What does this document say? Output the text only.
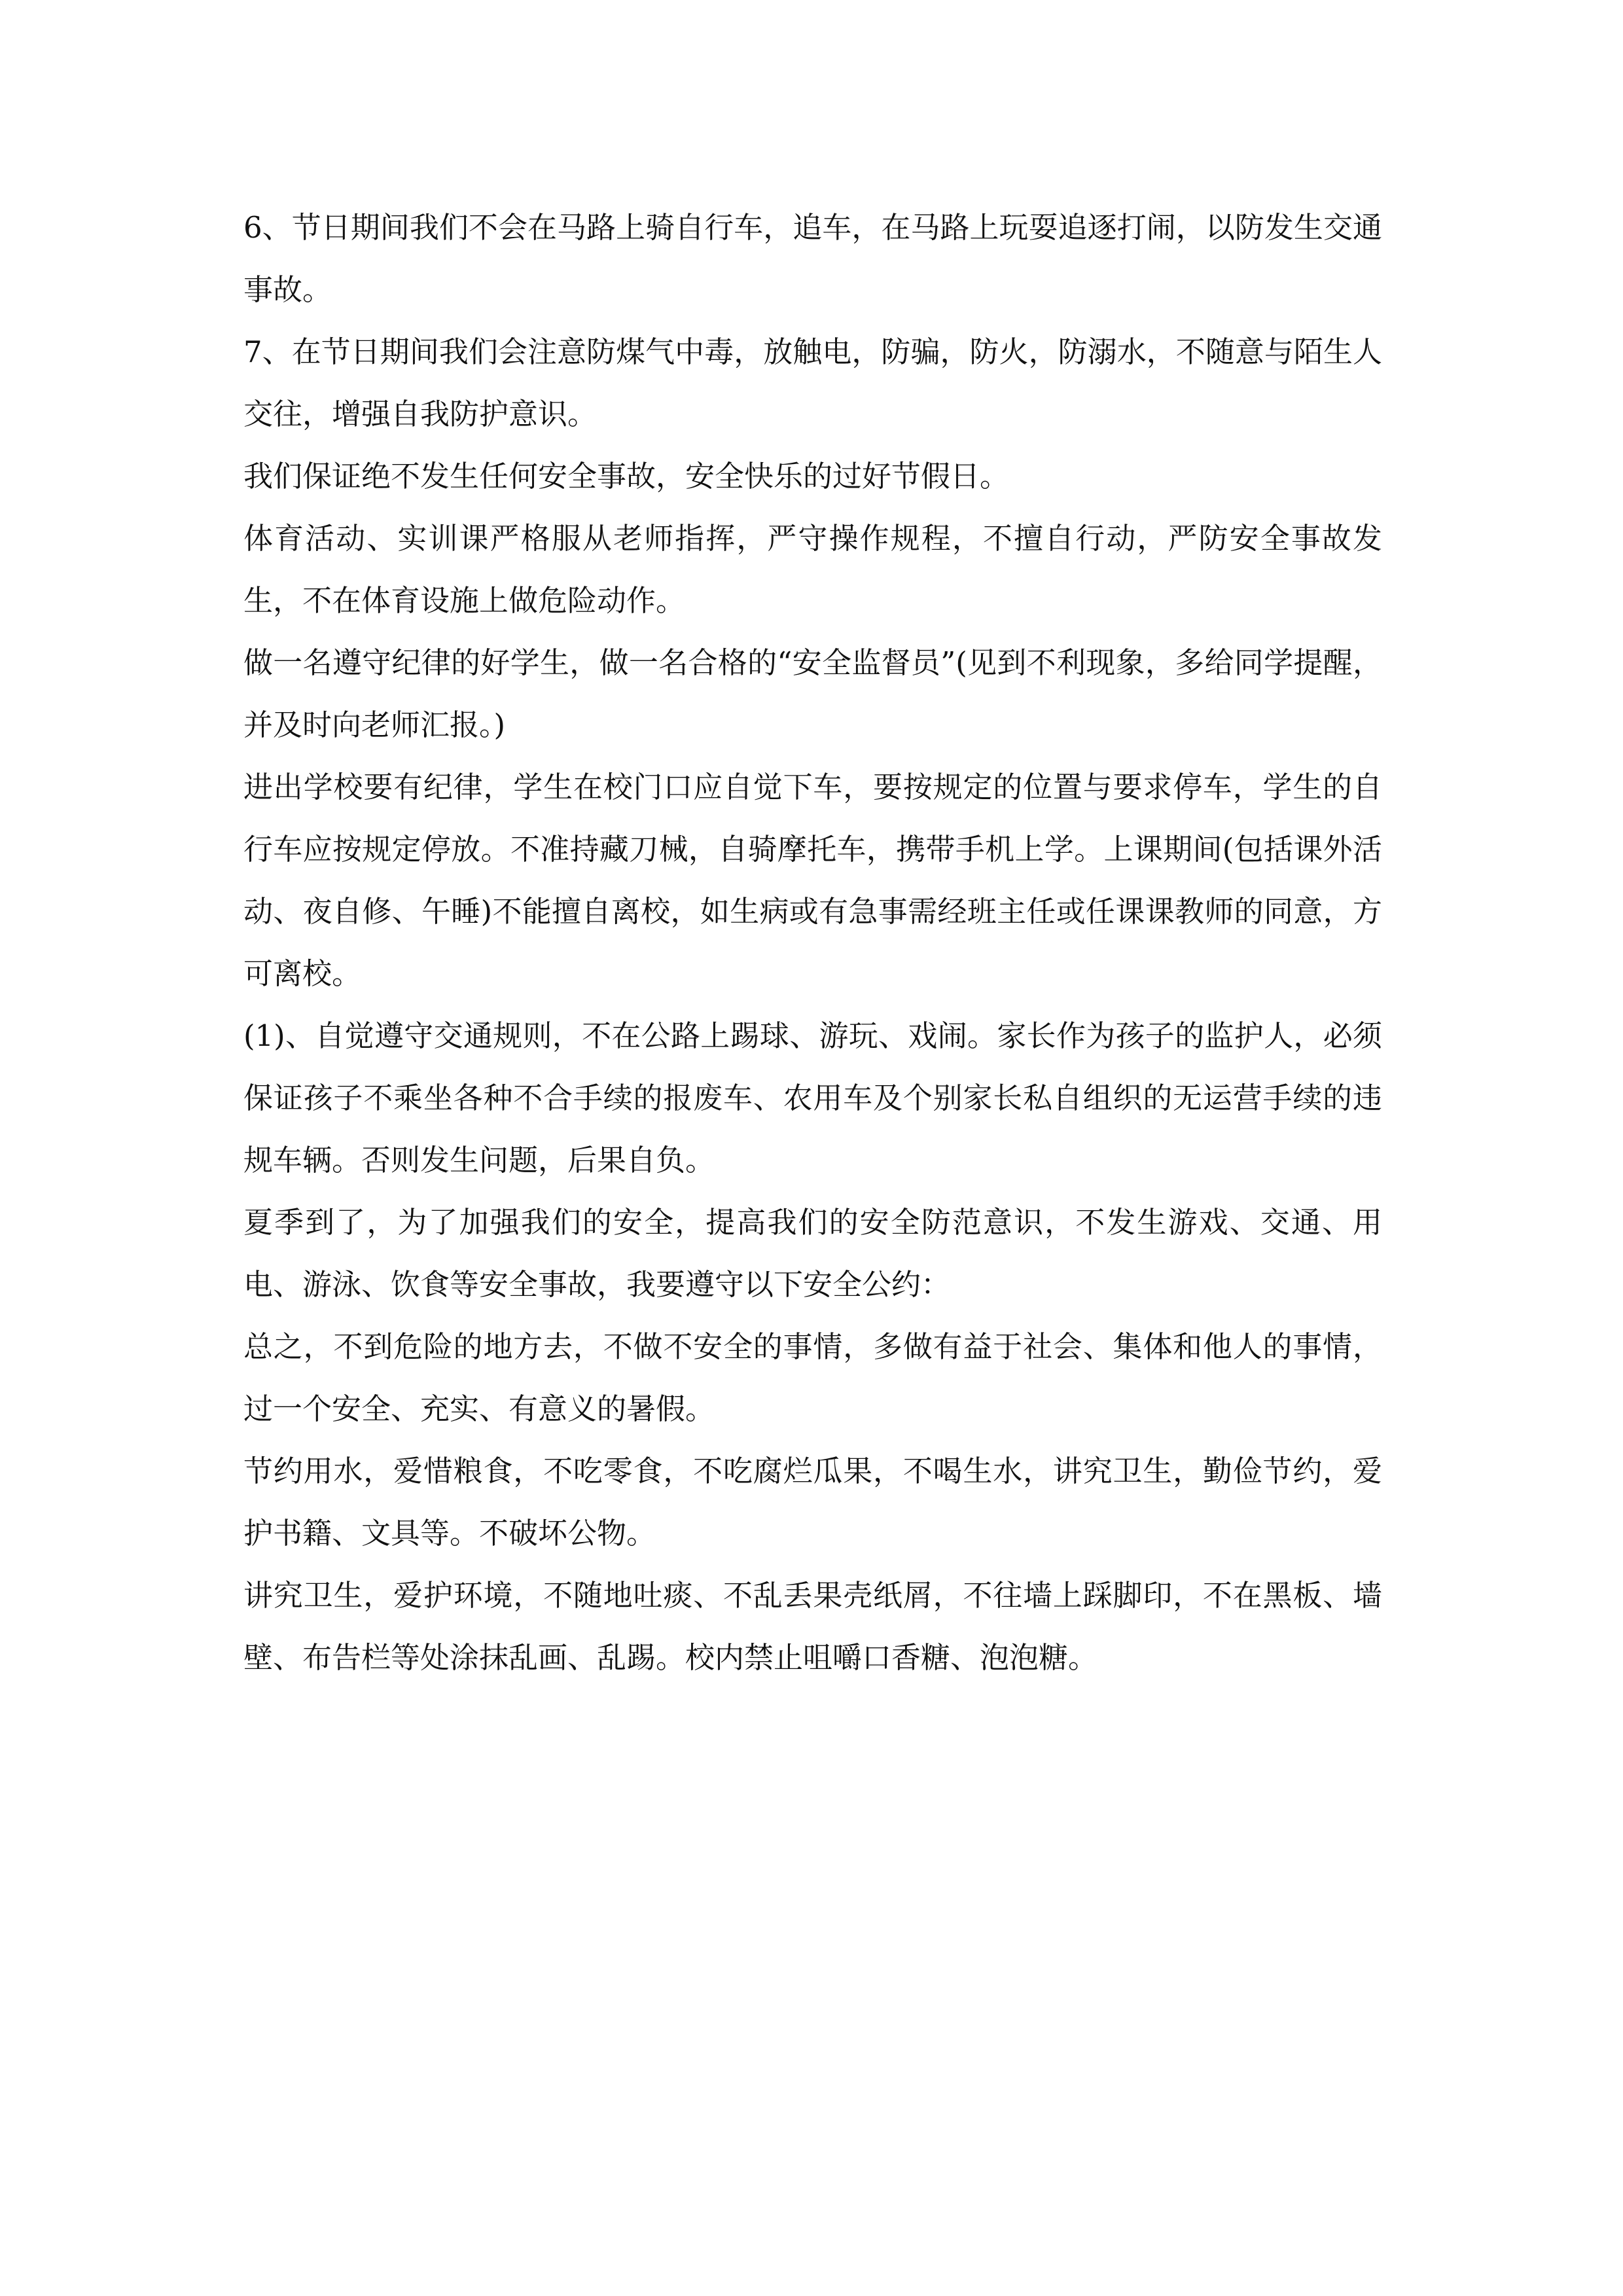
6、节日期间我们不会在马路上骑自行车，追车，在马路上玩耍追逐打闹，以防发生交通事故。

7、在节日期间我们会注意防煤气中毒，放触电，防骗，防火，防溺水，不随意与陌生人交往，增强自我防护意识。

我们保证绝不发生任何安全事故，安全快乐的过好节假日。

体育活动、实训课严格服从老师指挥，严守操作规程，不擅自行动，严防安全事故发生，不在体育设施上做危险动作。

做一名遵守纪律的好学生，做一名合格的“安全监督员”(见到不利现象，多给同学提醒，并及时向老师汇报。)

进出学校要有纪律，学生在校门口应自觉下车，要按规定的位置与要求停车，学生的自行车应按规定停放。不准持藏刀械，自骑摩托车，携带手机上学。上课期间(包括课外活动、夜自修、午睡)不能擅自离校，如生病或有急事需经班主任或任课课教师的同意，方可离校。

(1)、自觉遵守交通规则，不在公路上踢球、游玩、戏闹。家长作为孩子的监护人，必须保证孩子不乘坐各种不合手续的报废车、农用车及个别家长私自组织的无运营手续的违规车辆。否则发生问题，后果自负。

夏季到了，为了加强我们的安全，提高我们的安全防范意识，不发生游戏、交通、用电、游泳、饮食等安全事故，我要遵守以下安全公约：

总之，不到危险的地方去，不做不安全的事情，多做有益于社会、集体和他人的事情，过一个安全、充实、有意义的暑假。

节约用水，爱惜粮食，不吃零食，不吃腐烂瓜果，不喝生水，讲究卫生，勤俭节约，爱护书籍、文具等。不破坏公物。

讲究卫生，爱护环境，不随地吐痰、不乱丢果壳纸屑，不往墙上踩脚印，不在黑板、墙壁、布告栏等处涂抹乱画、乱踢。校内禁止咀嚼口香糖、泡泡糖。
